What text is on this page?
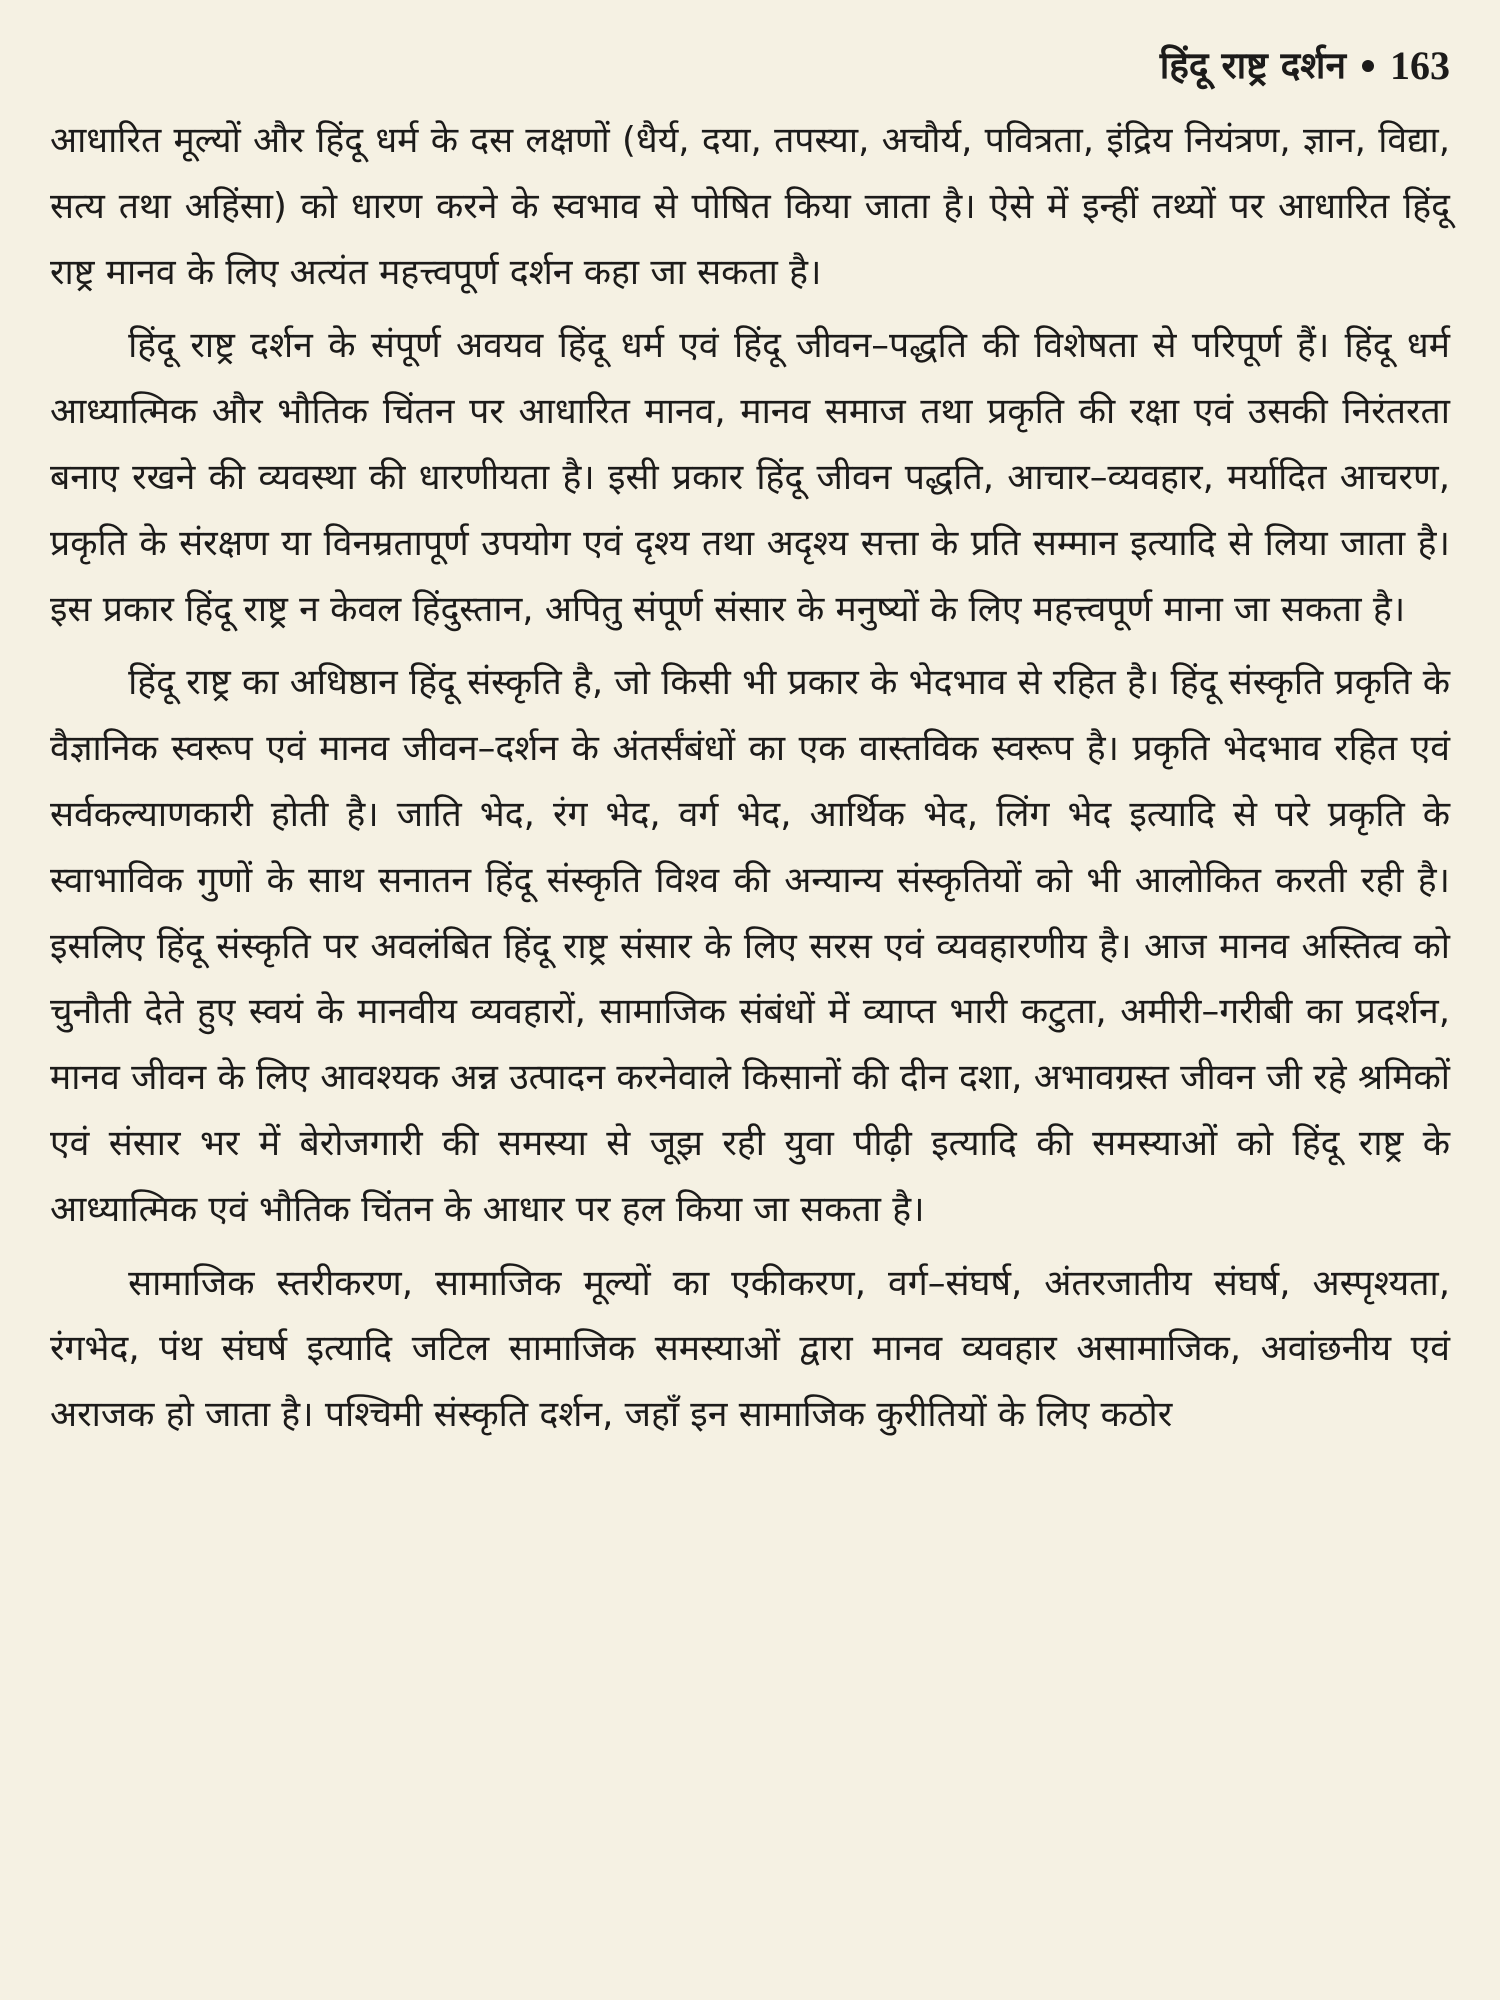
हिंदू राष्ट्र दर्शन 163

आधारित मूल्यों और हिंदू धर्म के दस लक्षणों (धैर्य, दया, तपस्या, अचौर्य, पवित्रता, इंद्रिय नियंत्रण, ज्ञान, विद्या, सत्य तथा अहिंसा) को धारण करने के स्वभाव से पोषित किया जाता है। ऐसे में इन्हीं तथ्यों पर आधारित हिंदू राष्ट्र मानव के लिए अत्यंत महत्त्वपूर्ण दर्शन कहा जा सकता है।

हिंदू राष्ट्र दर्शन के संपूर्ण अवयव हिंदू धर्म एवं हिंदू जीवन–पद्धति की विशेषता से परिपूर्ण हैं। हिंदू धर्म आध्यात्मिक और भौतिक चिंतन पर आधारित मानव, मानव समाज तथा प्रकृति की रक्षा एवं उसकी निरंतरता बनाए रखने की व्यवस्था की धारणीयता है। इसी प्रकार हिंदू जीवन पद्धति, आचार–व्यवहार, मर्यादित आचरण, प्रकृति के संरक्षण या विनम्रतापूर्ण उपयोग एवं दृश्य तथा अदृश्य सत्ता के प्रति सम्मान इत्यादि से लिया जाता है। इस प्रकार हिंदू राष्ट्र न केवल हिंदुस्तान, अपितु संपूर्ण संसार के मनुष्यों के लिए महत्त्वपूर्ण माना जा सकता है।

हिंदू राष्ट्र का अधिष्ठान हिंदू संस्कृति है, जो किसी भी प्रकार के भेदभाव से रहित है। हिंदू संस्कृति प्रकृति के वैज्ञानिक स्वरूप एवं मानव जीवन–दर्शन के अंतर्संबंधों का एक वास्तविक स्वरूप है। प्रकृति भेदभाव रहित एवं सर्वकल्याणकारी होती है। जाति भेद, रंग भेद, वर्ग भेद, आर्थिक भेद, लिंग भेद इत्यादि से परे प्रकृति के स्वाभाविक गुणों के साथ सनातन हिंदू संस्कृति विश्व की अन्यान्य संस्कृतियों को भी आलोकित करती रही है। इसलिए हिंदू संस्कृति पर अवलंबित हिंदू राष्ट्र संसार के लिए सरस एवं व्यवहारणीय है। आज मानव अस्तित्व को चुनौती देते हुए स्वयं के मानवीय व्यवहारों, सामाजिक संबंधों में व्याप्त भारी कटुता, अमीरी–गरीबी का प्रदर्शन, मानव जीवन के लिए आवश्यक अन्न उत्पादन करनेवाले किसानों की दीन दशा, अभावग्रस्त जीवन जी रहे श्रमिकों एवं संसार भर में बेरोजगारी की समस्या से जूझ रही युवा पीढ़ी इत्यादि की समस्याओं को हिंदू राष्ट्र के आध्यात्मिक एवं भौतिक चिंतन के आधार पर हल किया जा सकता है।

सामाजिक स्तरीकरण, सामाजिक मूल्यों का एकीकरण, वर्ग–संघर्ष, अंतरजातीय संघर्ष, अस्पृश्यता, रंगभेद, पंथ संघर्ष इत्यादि जटिल सामाजिक समस्याओं द्वारा मानव व्यवहार असामाजिक, अवांछनीय एवं अराजक हो जाता है। पश्चिमी संस्कृति दर्शन, जहाँ इन सामाजिक कुरीतियों के लिए कठोर
